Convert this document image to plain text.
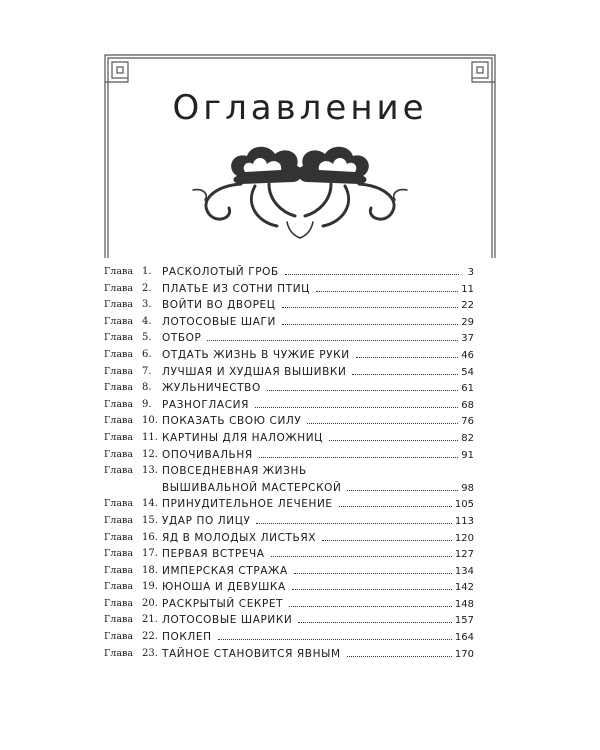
Оглавление
Глава 1. РАСКОЛОТЫЙ ГРОБ	3
Глава 2. ПЛАТЬЕ ИЗ СОТНИ ПТИЦ	11
Глава 3. ВОЙТИ ВО ДВОРЕЦ	22
Глава 4. ЛОТОСОВЫЕ ШАГИ	29
Глава 5. ОТБОР	37
Глава 6. ОТДАТЬ ЖИЗНЬ В ЧУЖИЕ РУКИ	46
Глава 7. ЛУЧШАЯ И ХУДШАЯ ВЫШИВКИ	54
Глава 8. ЖУЛЬНИЧЕСТВО	61
Глава 9. РАЗНОГЛАСИЯ	68
Глава 10. ПОКАЗАТЬ СВОЮ СИЛУ	76
Глава 11. КАРТИНЫ ДЛЯ НАЛОЖНИЦ	82
Глава 12. ОПОЧИВАЛЬНЯ	91
Глава 13. ПОВСЕДНЕВНАЯ ЖИЗНЬ
ВЫШИВАЛЬНОЙ МАСТЕРСКОЙ	98
Глава 14. ПРИНУДИТЕЛЬНОЕ ЛЕЧЕНИЕ	105
Глава 15. УДАР ПО ЛИЦУ	113
Глава 16. ЯД В МОЛОДЫХ ЛИСТЬЯХ	120
Глава 17. ПЕРВАЯ ВСТРЕЧА	127
Глава 18. ИМПЕРСКАЯ СТРАЖА	134
Глава 19. ЮНОША И ДЕВУШКА	142
Глава 20. РАСКРЫТЫЙ СЕКРЕТ	148
Глава 21. ЛОТОСОВЫЕ ШАРИКИ	157
Глава 22. ПОКЛЕП	164
Глава 23. ТАЙНОЕ СТАНОВИТСЯ ЯВНЫМ	170
